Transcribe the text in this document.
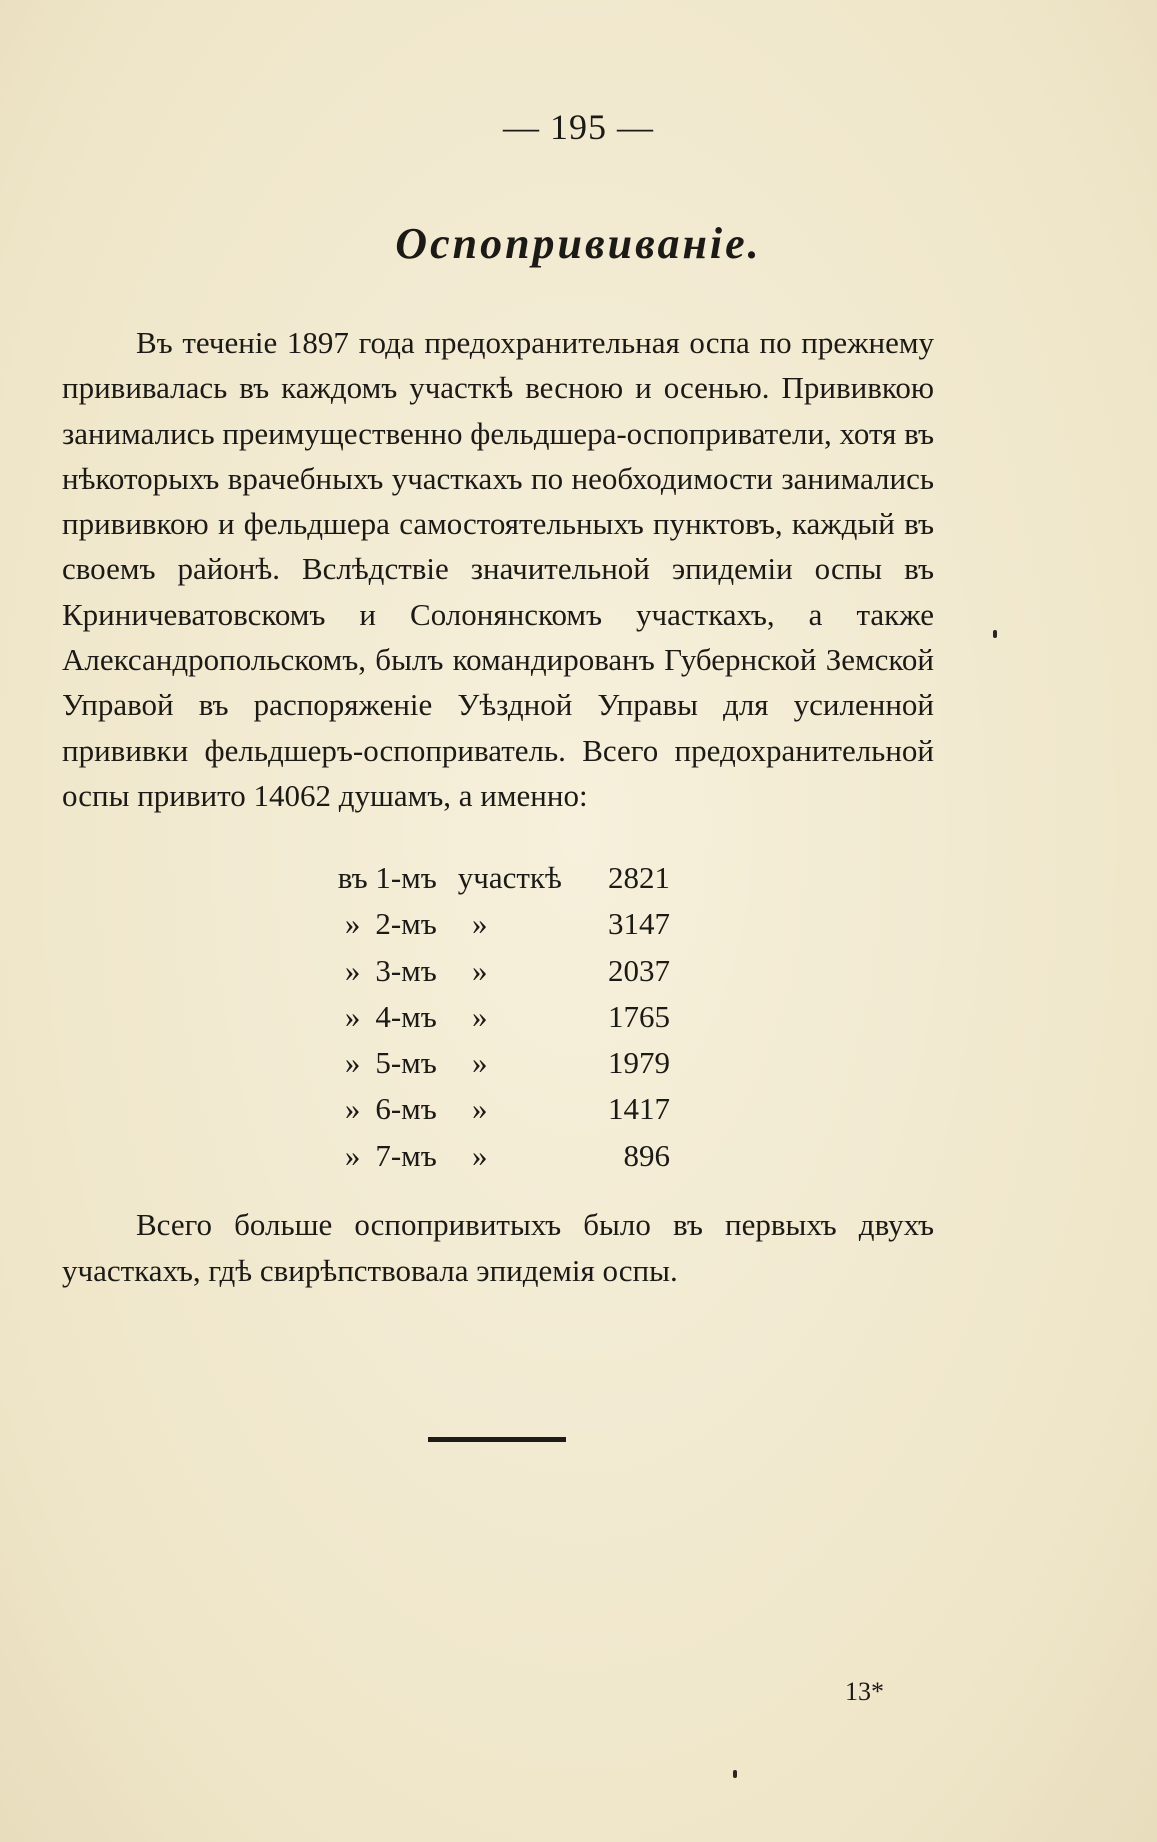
— 195 —
Оспопрививаніе.

Въ теченіе 1897 года предохранительная оспа по прежнему прививалась въ каждомъ участкѣ весною и осенью. Прививкою занимались преимущественно фельдшера-оспоприватели, хотя въ нѣкоторыхъ врачебныхъ участкахъ по необходимости занимались прививкою и фельдшера самостоятельныхъ пунктовъ, каждый въ своемъ районѣ. Вслѣдствіе значительной эпидеміи оспы въ Криничеватовскомъ и Солонянскомъ участкахъ, а также Александропольскомъ, былъ командированъ Губернской Земской Управой въ распоряженіе Уѣздной Управы для усиленной прививки фельдшеръ-оспоприватель. Всего предохранительной оспы привито 14062 душамъ, а именно:

въ	1-мъ	участкѣ	2821
»	2-мъ	»	3147
»	3-мъ	»	2037
»	4-мъ	»	1765
»	5-мъ	»	1979
»	6-мъ	»	1417
»	7-мъ	»	896

Всего больше оспопривитыхъ было въ первыхъ двухъ участкахъ, гдѣ свирѣпствовала эпидемія оспы.

13*
